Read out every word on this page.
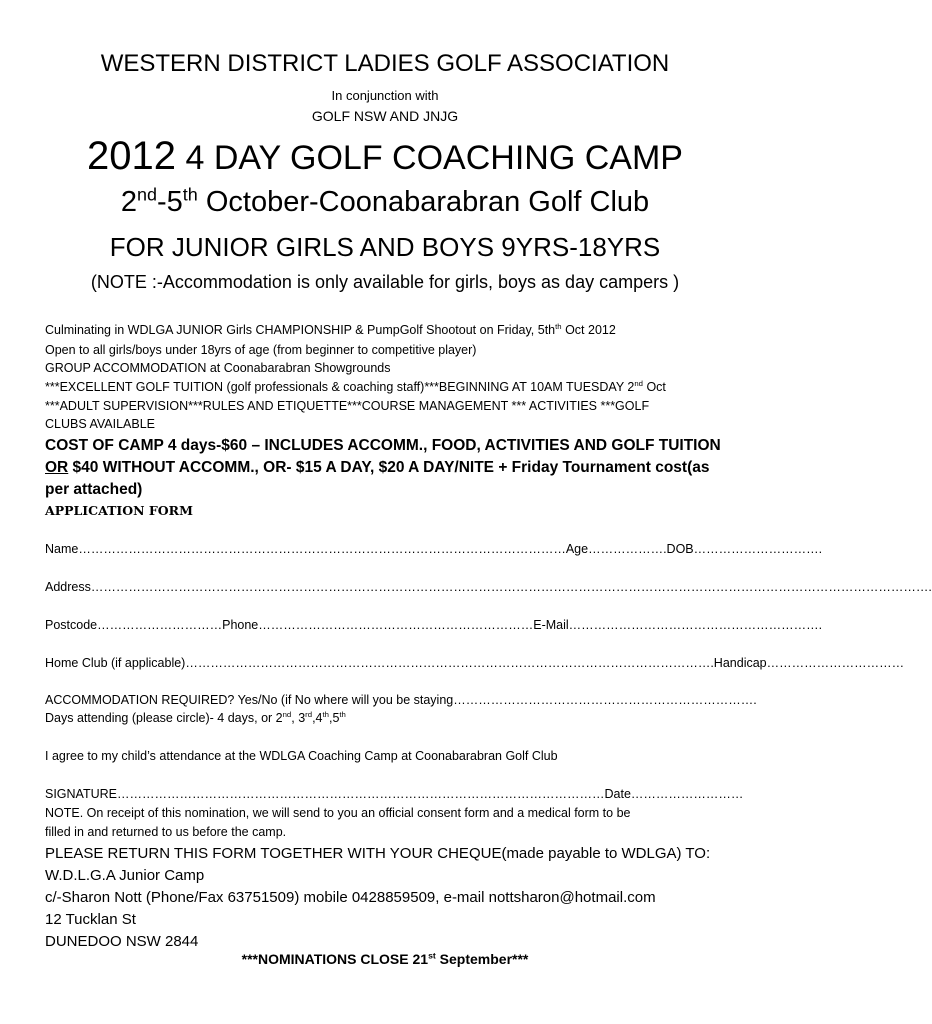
WESTERN DISTRICT LADIES GOLF ASSOCIATION
In conjunction with
GOLF NSW AND JNJG
2012 4 DAY GOLF COACHING CAMP
2nd-5th October-Coonabarabran Golf Club
FOR JUNIOR GIRLS AND BOYS 9YRS-18YRS
(NOTE :-Accommodation is only available for girls, boys as day campers )
Culminating in WDLGA JUNIOR Girls CHAMPIONSHIP & PumpGolf Shootout on Friday, $5th^{th}$ Oct 2012
Open to all girls/boys under 18yrs of age (from beginner to competitive player)
GROUP ACCOMMODATION at Coonabarabran Showgrounds
***EXCELLENT GOLF TUITION (golf professionals & coaching staff)***BEGINNING AT 10AM TUESDAY 2nd Oct
***ADULT SUPERVISION***RULES AND ETIQUETTE***COURSE MANAGEMENT *** ACTIVITIES ***GOLF
CLUBS AVAILABLE
COST OF CAMP 4 days-$60 – INCLUDES ACCOMM., FOOD, ACTIVITIES AND GOLF TUITION OR $40 WITHOUT ACCOMM., OR- $15 A DAY, $20 A DAY/NITE + Friday Tournament cost(as per attached)
APPLICATION FORM
Name………………………………………………………………………………………………………Age……………….DOB………………………….
Address………………………………………………………………………………………………………………………………………………………………………………….
Postcode…………………………Phone…………………………………………………………E-Mail…………………………………………………….
Home Club (if applicable)……………………………………………………………………………………………………………….Handicap……………………………
ACCOMMODATION REQUIRED? Yes/No (if No where will you be staying……………………………………………………………….
Days attending (please circle)- 4 days, or 2nd, 3rd,4th,5th
I agree to my child’s attendance at the WDLGA Coaching Camp at Coonabarabran Golf Club
SIGNATURE………………………………………………………………………………………………………Date………………………
NOTE. On receipt of this nomination, we will send to you an official consent form and a medical form to be
filled in and returned to us before the camp.
PLEASE RETURN THIS FORM TOGETHER WITH YOUR CHEQUE(made payable to WDLGA) TO:
W.D.L.G.A Junior Camp
c/-Sharon Nott (Phone/Fax 63751509) mobile 0428859509, e-mail nottsharon@hotmail.com
12 Tucklan St
DUNEDOO NSW 2844
***NOMINATIONS CLOSE 21st September***
